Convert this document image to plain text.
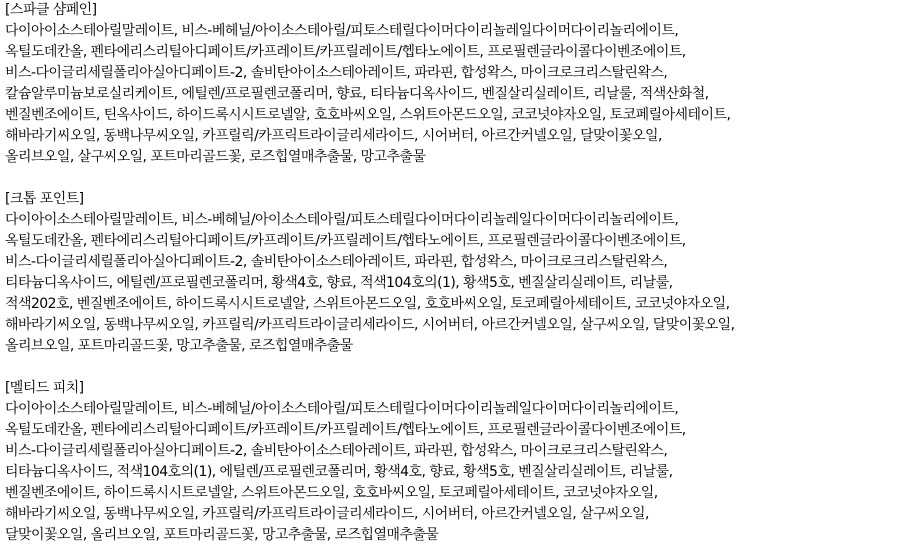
[스파클 샴페인]
다이아이소스테아릴말레이트, 비스-베헤닐/아이소스테아릴/피토스테릴다이머다이리놀레일다이머다이리놀리에이트,
옥틸도데칸올, 펜타에리스리틸아디페이트/카프레이트/카프릴레이트/헵타노에이트, 프로필렌글라이콜다이벤조에이트,
비스-다이글리세릴폴리아실아디페이트-2, 솔비탄아이소스테아레이트, 파라핀, 합성왁스, 마이크로크리스탈린왁스,
칼슘알루미늄보로실리케이트, 에틸렌/프로필렌코폴리머, 향료, 티타늄디옥사이드, 벤질살리실레이트, 리날룰, 적색산화철,
벤질벤조에이트, 틴옥사이드, 하이드록시시트로넬알, 호호바씨오일, 스위트아몬드오일, 코코넛야자오일, 토코페릴아세테이트,
해바라기씨오일, 동백나무씨오일, 카프릴릭/카프릭트라이글리세라이드, 시어버터, 아르간커넬오일, 달맞이꽃오일,
올리브오일, 살구씨오일, 포트마리골드꽃, 로즈힙열매추출물, 망고추출물
[크톱 포인트]
다이아이소스테아릴말레이트, 비스-베헤닐/아이소스테아릴/피토스테릴다이머다이리놀레일다이머다이리놀리에이트,
옥틸도데칸올, 펜타에리스리틸아디페이트/카프레이트/카프릴레이트/헵타노에이트, 프로필렌글라이콜다이벤조에이트,
비스-다이글리세릴폴리아실아디페이트-2, 솔비탄아이소스테아레이트, 파라핀, 합성왁스, 마이크로크리스탈린왁스,
티타늄디옥사이드, 에틸렌/프로필렌코폴리머, 황색4호, 향료, 적색104호의(1), 황색5호, 벤질살리실레이트, 리날룰,
적색202호, 벤질벤조에이트, 하이드록시시트로넬알, 스위트아몬드오일, 호호바씨오일, 토코페릴아세테이트, 코코넛야자오일,
해바라기씨오일, 동백나무씨오일, 카프릴릭/카프릭트라이글리세라이드, 시어버터, 아르간커넬오일, 살구씨오일, 달맞이꽃오일,
올리브오일, 포트마리골드꽃, 망고추출물, 로즈힙열매추출물
[멜티드 피치]
다이아이소스테아릴말레이트, 비스-베헤닐/아이소스테아릴/피토스테릴다이머다이리놀레일다이머다이리놀리에이트,
옥틸도데칸올, 펜타에리스리틸아디페이트/카프레이트/카프릴레이트/헵타노에이트, 프로필렌글라이콜다이벤조에이트,
비스-다이글리세릴폴리아실아디페이트-2, 솔비탄아이소스테아레이트, 파라핀, 합성왁스, 마이크로크리스탈린왁스,
티타늄디옥사이드, 적색104호의(1), 에틸렌/프로필렌코폴리머, 황색4호, 향료, 황색5호, 벤질살리실레이트, 리날룰,
벤질벤조에이트, 하이드록시시트로넬알, 스위트아몬드오일, 호호바씨오일, 토코페릴아세테이트, 코코넛야자오일,
해바라기씨오일, 동백나무씨오일, 카프릴릭/카프릭트라이글리세라이드, 시어버터, 아르간커넬오일, 살구씨오일,
달맞이꽃오일, 올리브오일, 포트마리골드꽃, 망고추출물, 로즈힙열매추출물
